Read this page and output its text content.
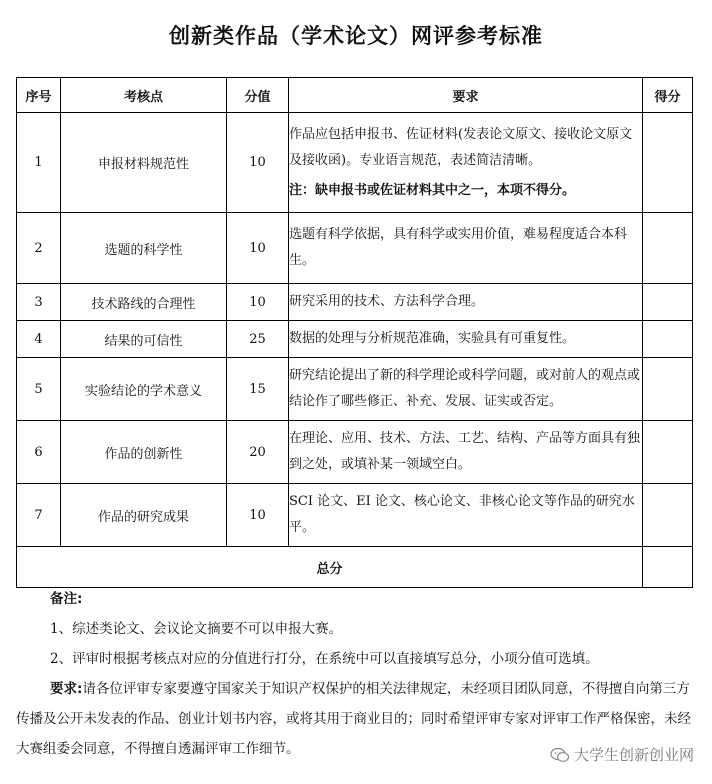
创新类作品（学术论文）网评参考标准
序号	考核点	分值	要求	得分
1	申报材料规范性	10	作品应包括申报书、佐证材料(发表论文原文、接收论文原文及接收函)。专业语言规范，表述简洁清晰。
注：缺申报书或佐证材料其中之一，本项不得分。	

2	选题的科学性	10	选题有科学依据，具有科学或实用价值，难易程度适合本科生。	
3	技术路线的合理性	10	研究采用的技术、方法科学合理。	
4	结果的可信性	25	数据的处理与分析规范准确，实验具有可重复性。	
5	实验结论的学术意义	15	研究结论提出了新的科学理论或科学问题，或对前人的观点或结论作了哪些修正、补充、发展、证实或否定。	
6	作品的创新性	20	在理论、应用、技术、方法、工艺、结构、产品等方面具有独到之处，或填补某一领域空白。	
7	作品的研究成果	10	SCI 论文、EI 论文、核心论文、非核心论文等作品的研究水平。	
总分				
备注:
1、综述类论文、会议论文摘要不可以申报大赛。
2、评审时根据考核点对应的分值进行打分，在系统中可以直接填写总分，小项分值可选填。
要求:请各位评审专家要遵守国家关于知识产权保护的相关法律规定，未经项目团队同意，不得擅自向第三方传播及公开未发表的作品、创业计划书内容，或将其用于商业目的；同时希望评审专家对评审工作严格保密，未经大赛组委会同意，不得擅自透漏评审工作细节。	大学生创新创业网
